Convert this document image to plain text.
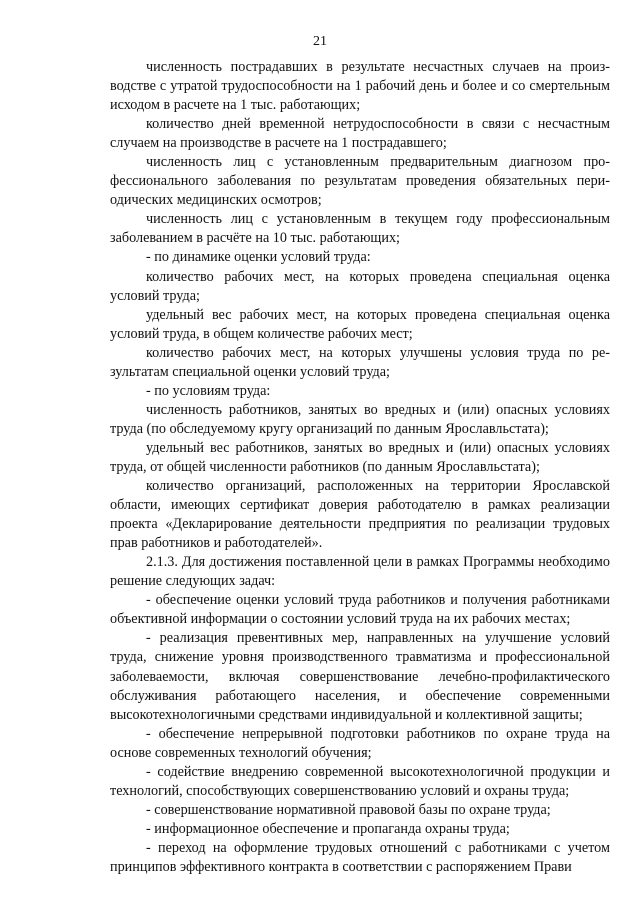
21

численность пострадавших в результате несчастных случаев на производстве с утратой трудоспособности на 1 рабочий день и более и со смертельным исходом в расчете на 1 тыс. работающих;

количество дней временной нетрудоспособности в связи с несчастным случаем на производстве в расчете на 1 пострадавшего;

численность лиц с установленным предварительным диагнозом профессионального заболевания по результатам проведения обязательных периодических медицинских осмотров;

численность лиц с установленным в текущем году профессиональным заболеванием в расчёте на 10 тыс. работающих;

- по динамике оценки условий труда:

количество рабочих мест, на которых проведена специальная оценка условий труда;

удельный вес рабочих мест, на которых проведена специальная оценка условий труда, в общем количестве рабочих мест;

количество рабочих мест, на которых улучшены условия труда по результатам специальной оценки условий труда;

- по условиям труда:

численность работников, занятых во вредных и (или) опасных условиях труда (по обследуемому кругу организаций по данным Ярославльстата);

удельный вес работников, занятых во вредных и (или) опасных условиях труда, от общей численности работников (по данным Ярославльстата);

количество организаций, расположенных на территории Ярославской области, имеющих сертификат доверия работодателю в рамках реализации проекта «Декларирование деятельности предприятия по реализации трудовых прав работников и работодателей».

2.1.3. Для достижения поставленной цели в рамках Программы необходимо решение следующих задач:

- обеспечение оценки условий труда работников и получения работниками объективной информации о состоянии условий труда на их рабочих местах;

- реализация превентивных мер, направленных на улучшение условий труда, снижение уровня производственного травматизма и профессиональной заболеваемости, включая совершенствование лечебно-профилактического обслуживания работающего населения, и обеспечение современными высокотехнологичными средствами индивидуальной и коллективной защиты;

- обеспечение непрерывной подготовки работников по охране труда на основе современных технологий обучения;

- содействие внедрению современной высокотехнологичной продукции и технологий, способствующих совершенствованию условий и охраны труда;

- совершенствование нормативной правовой базы по охране труда;

- информационное обеспечение и пропаганда охраны труда;

- переход на оформление трудовых отношений с работниками с учетом принципов эффективного контракта в соответствии с распоряжением Прави
